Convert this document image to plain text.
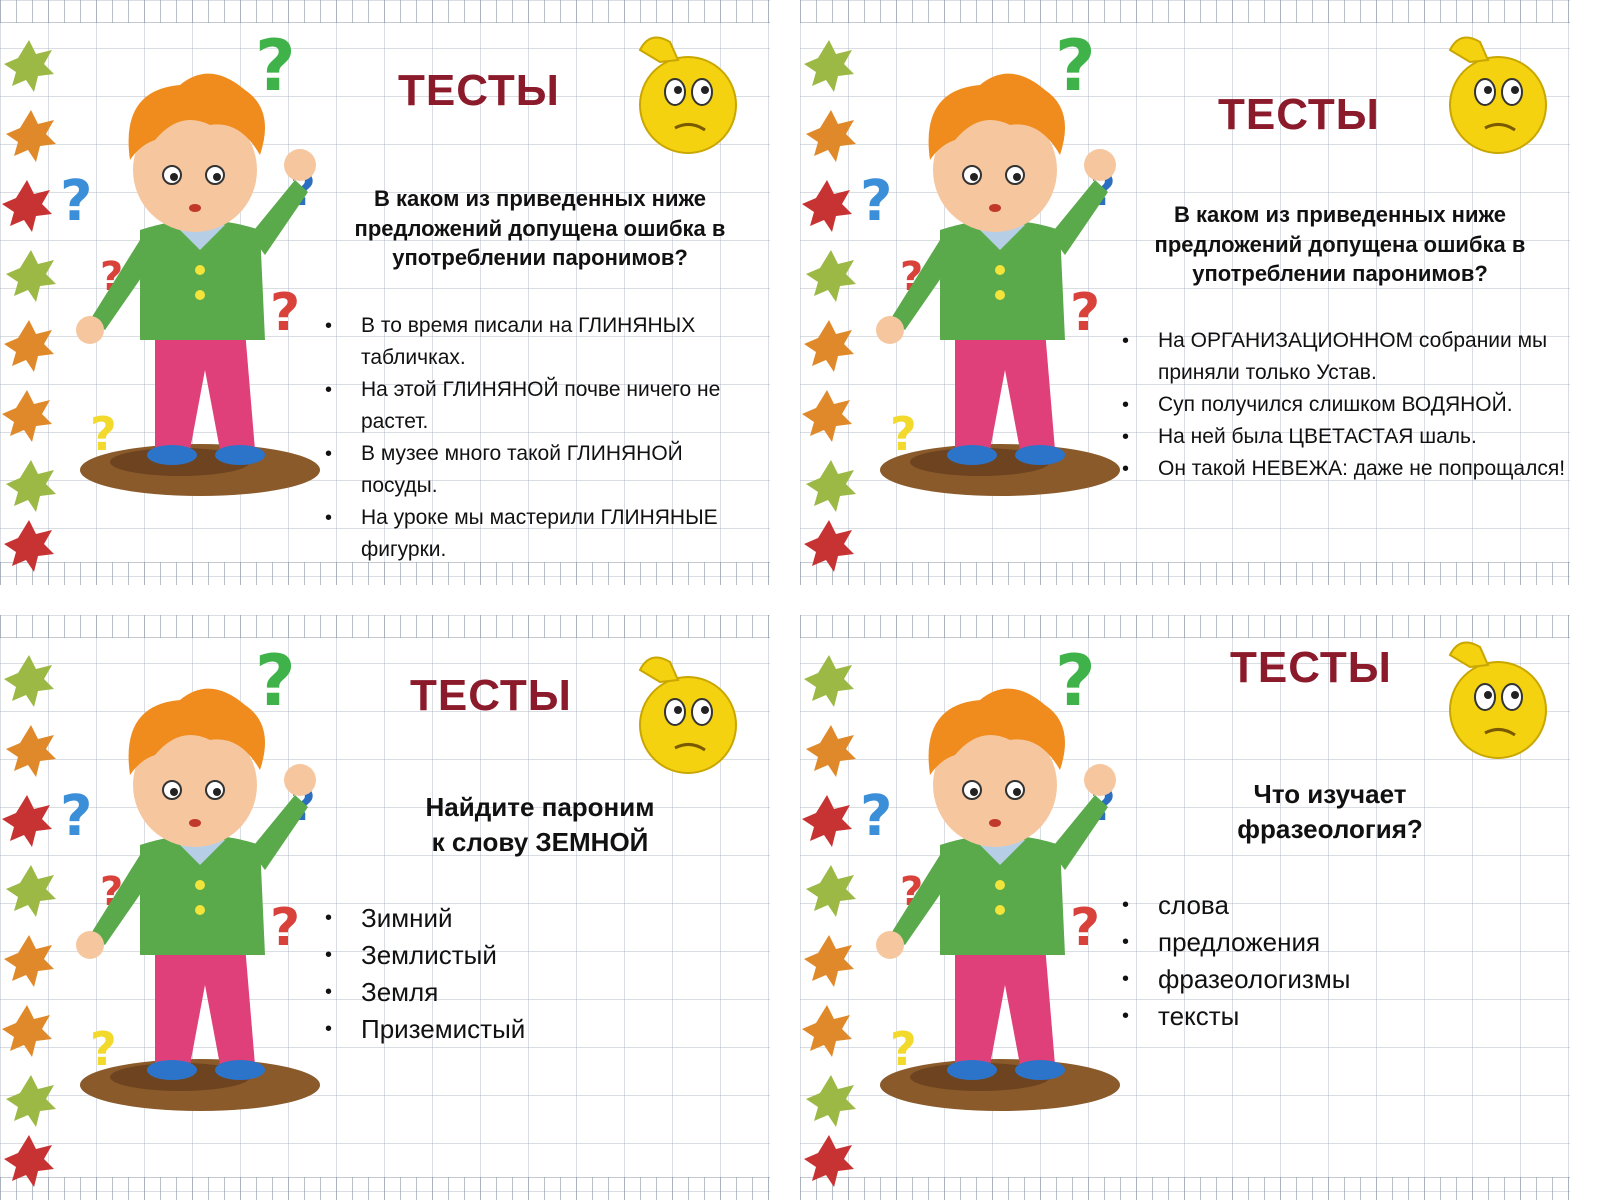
ТЕСТЫ
В каком из приведенных ниже предложений допущена ошибка в употреблении паронимов?
• В то время писали на ГЛИНЯНЫХ табличках.
• На этой ГЛИНЯНОЙ почве ничего не растет.
• В музее много такой ГЛИНЯНОЙ посуды.
• На уроке мы мастерили ГЛИНЯНЫЕ фигурки.
ТЕСТЫ
В каком из приведенных ниже предложений допущена ошибка в употреблении паронимов?
• На ОРГАНИЗАЦИОННОМ собрании мы приняли только Устав.
• Суп получился слишком ВОДЯНОЙ.
• На ней была ЦВЕТАСТАЯ шаль.
• Он такой НЕВЕЖА: даже не попрощался!
ТЕСТЫ
Найдите пароним
к слову ЗЕМНОЙ
• Зимний
• Землистый
• Земля
• Приземистый
ТЕСТЫ
Что изучает
фразеология?
• слова
• предложения
• фразеологизмы
• тексты
